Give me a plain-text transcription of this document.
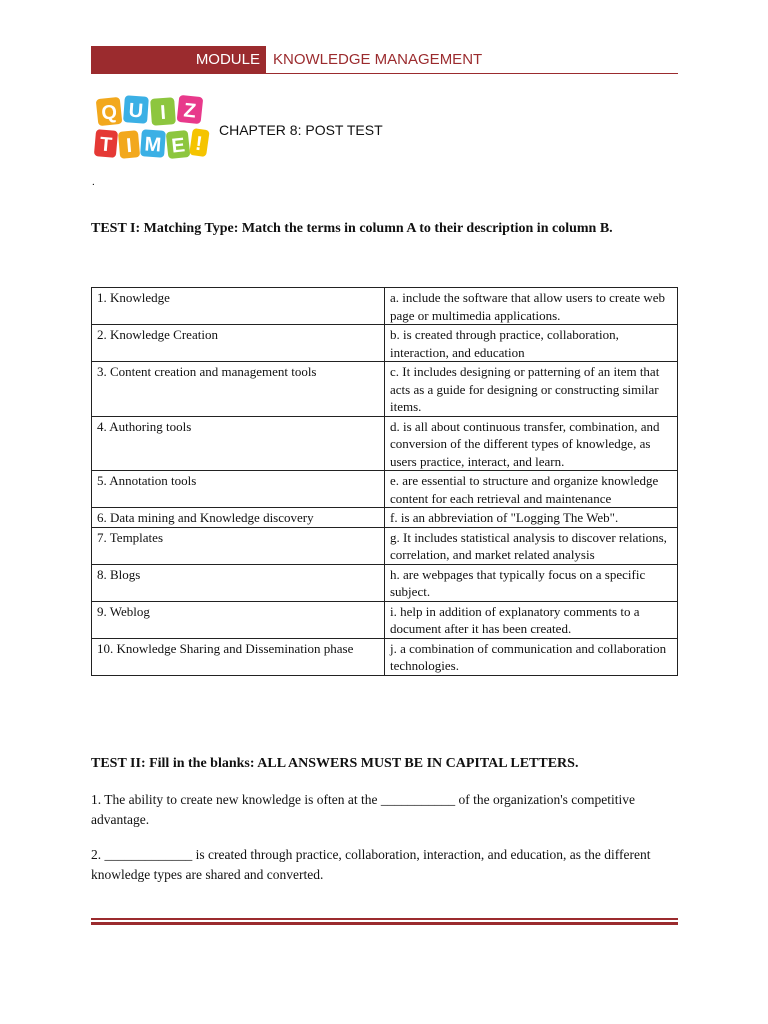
MODULE KNOWLEDGE MANAGEMENT
Q U I Z
T I M E !
CHAPTER 8: POST TEST
.
TEST I: Matching Type: Match the terms in column A to their description in column B.
1. Knowledge	a. include the software that allow users to create web page or multimedia applications.
2. Knowledge Creation	b. is created through practice, collaboration, interaction, and education
3. Content creation and management tools	c. It includes designing or patterning of an item that acts as a guide for designing or constructing similar items.
4. Authoring tools	d. is all about continuous transfer, combination, and conversion of the different types of knowledge, as users practice, interact, and learn.
5. Annotation tools	e. are essential to structure and organize knowledge content for each retrieval and maintenance
6. Data mining and Knowledge discovery	f. is an abbreviation of "Logging The Web".
7. Templates	g. It includes statistical analysis to discover relations, correlation, and market related analysis
8. Blogs	h. are webpages that typically focus on a specific subject.
9. Weblog	i. help in addition of explanatory comments to a document after it has been created.
10. Knowledge Sharing and Dissemination phase	j. a combination of communication and collaboration technologies.
TEST II: Fill in the blanks: ALL ANSWERS MUST BE IN CAPITAL LETTERS.
1. The ability to create new knowledge is often at the ___________ of the organization's competitive advantage.
2. _____________ is created through practice, collaboration, interaction, and education, as the different knowledge types are shared and converted.
